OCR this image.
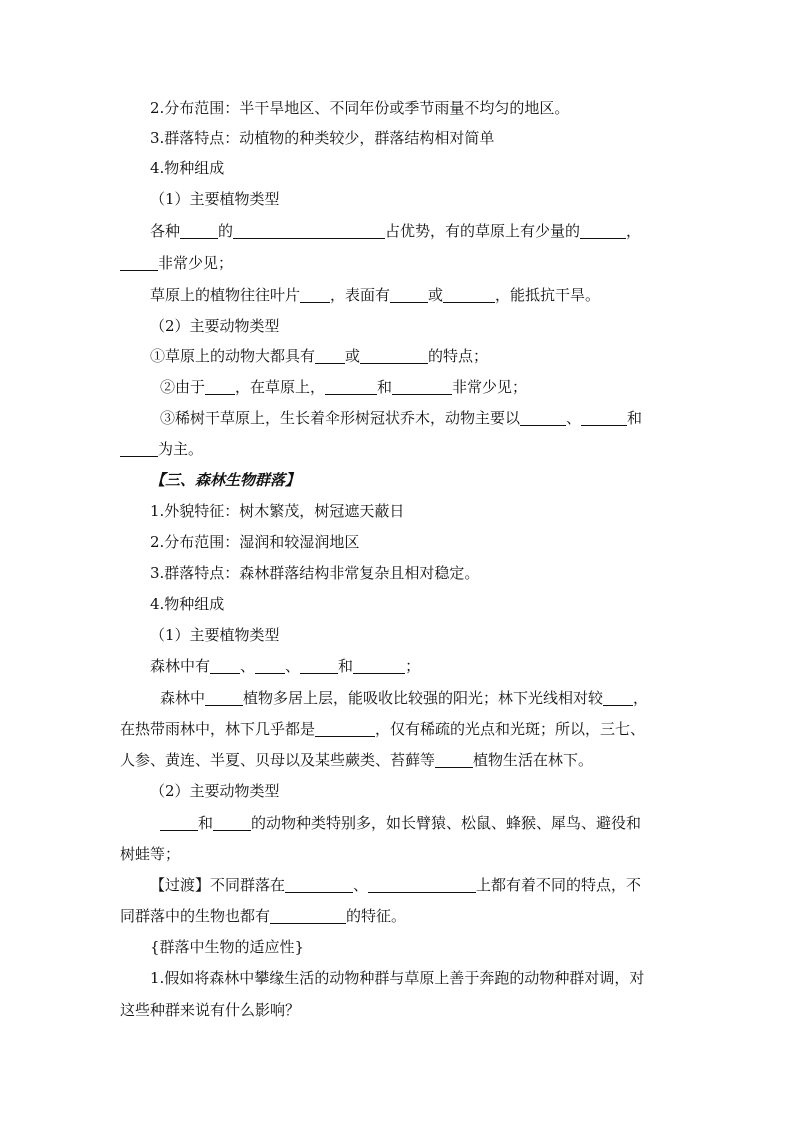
2.分布范围：半干旱地区、不同年份或季节雨量不均匀的地区。
3.群落特点：动植物的种类较少，群落结构相对简单
4.物种组成
（1）主要植物类型
各种	的	占优势，有的草原上有少量的	，
非常少见；
草原上的植物往往叶片 ，表面有	或	，能抵抗干旱。
（2）主要动物类型
①草原上的动物大都具有 或	的特点；
②由于 ，在草原上，	和	非常少见；
③稀树干草原上，生长着伞形树冠状乔木，动物主要以	、	和
为主。
【三、森林生物群落】
1.外貌特征：树木繁茂，树冠遮天蔽日
2.分布范围：湿润和较湿润地区
3.群落特点：森林群落结构非常复杂且相对稳定。
4.物种组成
（1）主要植物类型
森林中有 、 、	和	；
森林中	植物多居上层，能吸收比较强的阳光；林下光线相对较 ，
在热带雨林中，林下几乎都是	，仅有稀疏的光点和光斑；所以，三七、
人参、黄连、半夏、贝母以及某些蕨类、苔藓等	植物生活在林下。
（2）主要动物类型
和	的动物种类特别多，如长臂猿、松鼠、蜂猴、犀鸟、避役和
树蛙等；
【过渡】不同群落在	、	上都有着不同的特点，不
同群落中的生物也都有	的特征。
{群落中生物的适应性}
1.假如将森林中攀缘生活的动物种群与草原上善于奔跑的动物种群对调，对
这些种群来说有什么影响？
